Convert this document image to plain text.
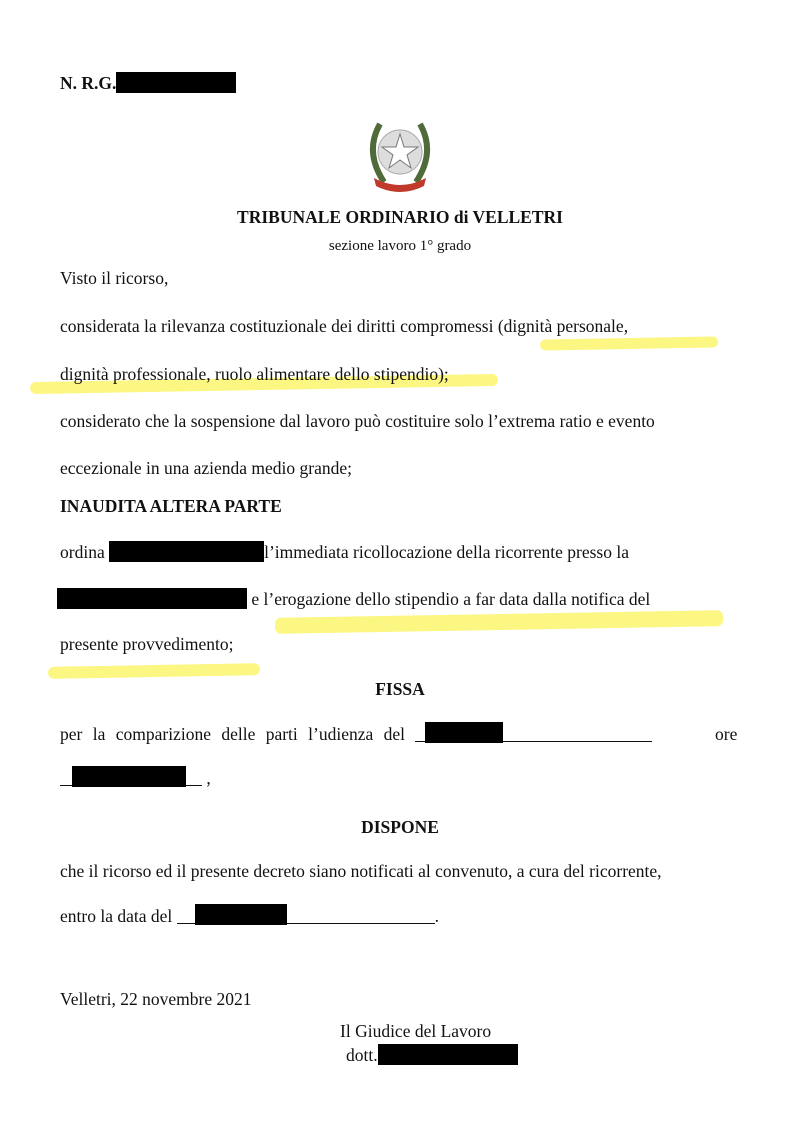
N. R.G.
TRIBUNALE ORDINARIO di VELLETRI
sezione lavoro 1° grado
Visto il ricorso,
considerata la rilevanza costituzionale dei diritti compromessi (dignità personale,
dignità professionale, ruolo alimentare dello stipendio);
considerato che la sospensione dal lavoro può costituire solo l’extrema ratio e evento
eccezionale in una azienda medio grande;
INAUDITA ALTERA PARTE
ordina	l’immediata ricollocazione della ricorrente presso la
e l’erogazione dello stipendio a far data dalla notifica del
presente provvedimento;
FISSA
per la comparizione delle parti l’udienza del	ore
,
DISPONE
che il ricorso ed il presente decreto siano notificati al convenuto, a cura del ricorrente,
entro la data del	.
Velletri, 22 novembre 2021
Il Giudice del Lavoro
dott.
